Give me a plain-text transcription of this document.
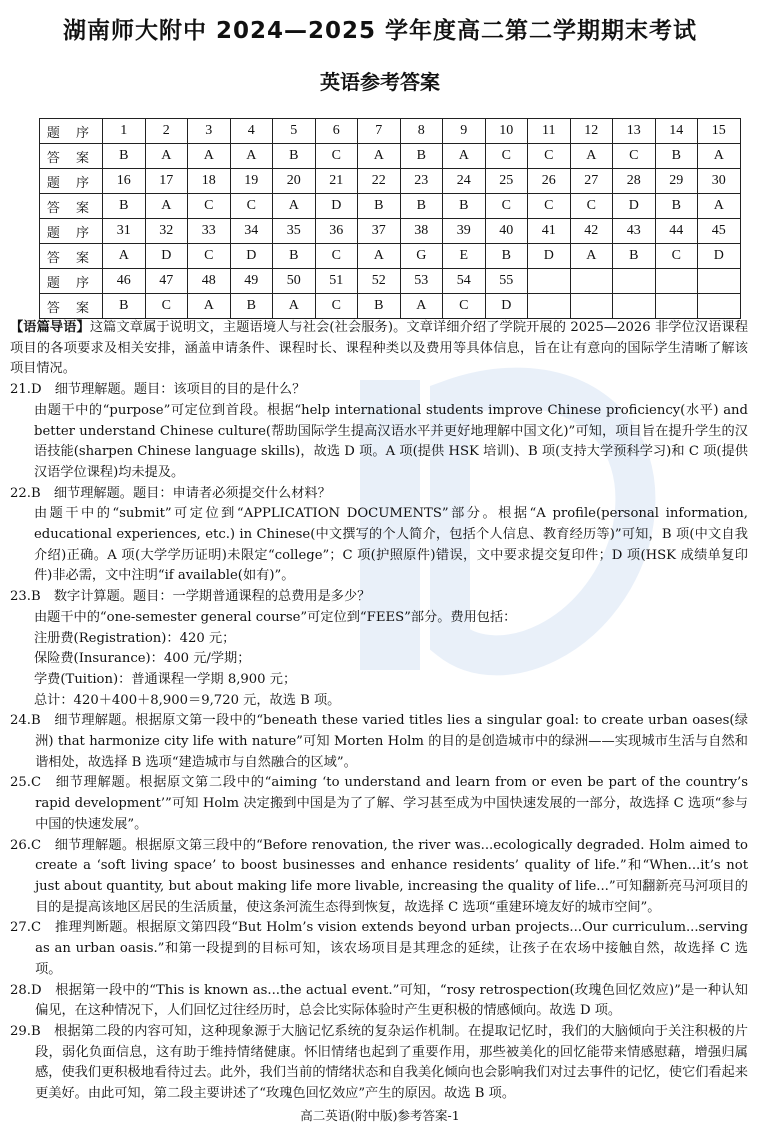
湖南师大附中 2024—2025 学年度高二第二学期期末考试
英语参考答案
题 序	1	2	3	4	5	6	7	8	9	10	11	12	13	14	15
答 案	B	A	A	A	B	C	A	B	A	C	C	A	C	B	A
题 序	16	17	18	19	20	21	22	23	24	25	26	27	28	29	30
答 案	B	A	C	C	A	D	B	B	B	C	C	C	D	B	A
题 序	31	32	33	34	35	36	37	38	39	40	41	42	43	44	45
答 案	A	D	C	D	B	C	A	G	E	B	D	A	B	C	D
题 序	46	47	48	49	50	51	52	53	54	55					
答 案	B	C	A	B	A	C	B	A	C	D					

【语篇导语】这篇文章属于说明文，主题语境人与社会(社会服务)。文章详细介绍了学院开展的 2025—2026 非学位汉语课程项目的各项要求及相关安排，涵盖申请条件、课程时长、课程种类以及费用等具体信息，旨在让有意向的国际学生清晰了解该项目情况。

21.D　细节理解题。题目：该项目的目的是什么？

由题干中的“purpose”可定位到首段。根据“help international students improve Chinese proficiency(水平) and better understand Chinese culture(帮助国际学生提高汉语水平并更好地理解中国文化)”可知，项目旨在提升学生的汉语技能(sharpen Chinese language skills)，故选 D 项。A 项(提供 HSK 培训)、B 项(支持大学预科学习)和 C 项(提供汉语学位课程)均未提及。

22.B　细节理解题。题目：申请者必须提交什么材料？

由题干中的“submit”可定位到“APPLICATION DOCUMENTS”部分。根据“A profile(personal information, educational experiences, etc.) in Chinese(中文撰写的个人简介，包括个人信息、教育经历等)”可知，B 项(中文自我介绍)正确。A 项(大学学历证明)未限定“college”；C 项(护照原件)错误，文中要求提交复印件；D 项(HSK 成绩单复印件)非必需，文中注明“if available(如有)”。

23.B　数字计算题。题目：一学期普通课程的总费用是多少？

由题干中的“one-semester general course”可定位到“FEES”部分。费用包括：

注册费(Registration)：420 元；

保险费(Insurance)：400 元/学期；

学费(Tuition)：普通课程一学期 8,900 元；

总计：420＋400＋8,900＝9,720 元，故选 B 项。

24.B　细节理解题。根据原文第一段中的“beneath these varied titles lies a singular goal: to create urban oases(绿洲) that harmonize city life with nature”可知 Morten Holm 的目的是创造城市中的绿洲——实现城市生活与自然和谐相处，故选择 B 选项“建造城市与自然融合的区域”。

25.C　细节理解题。根据原文第二段中的“aiming ‘to understand and learn from or even be part of the country’s rapid development’”可知 Holm 决定搬到中国是为了了解、学习甚至成为中国快速发展的一部分，故选择 C 选项“参与中国的快速发展”。

26.C　细节理解题。根据原文第三段中的“Before renovation, the river was...ecologically degraded. Holm aimed to create a ‘soft living space’ to boost businesses and enhance residents’ quality of life.”和“When...it’s not just about quantity, but about making life more livable, increasing the quality of life...”可知翻新亮马河项目的目的是提高该地区居民的生活质量，使这条河流生态得到恢复，故选择 C 选项“重建环境友好的城市空间”。

27.C　推理判断题。根据原文第四段“But Holm’s vision extends beyond urban projects...Our curriculum...serving as an urban oasis.”和第一段提到的目标可知，该农场项目是其理念的延续，让孩子在农场中接触自然，故选择 C 选项。

28.D　根据第一段中的“This is known as...the actual event.”可知，“rosy retrospection(玫瑰色回忆效应)”是一种认知偏见，在这种情况下，人们回忆过往经历时，总会比实际体验时产生更积极的情感倾向。故选 D 项。

29.B　根据第二段的内容可知，这种现象源于大脑记忆系统的复杂运作机制。在提取记忆时，我们的大脑倾向于关注积极的片段，弱化负面信息，这有助于维持情绪健康。怀旧情绪也起到了重要作用，那些被美化的回忆能带来情感慰藉，增强归属感，使我们更积极地看待过去。此外，我们当前的情绪状态和自我美化倾向也会影响我们对过去事件的记忆，使它们看起来更美好。由此可知，第二段主要讲述了“玫瑰色回忆效应”产生的原因。故选 B 项。

高二英语(附中版)参考答案-1
